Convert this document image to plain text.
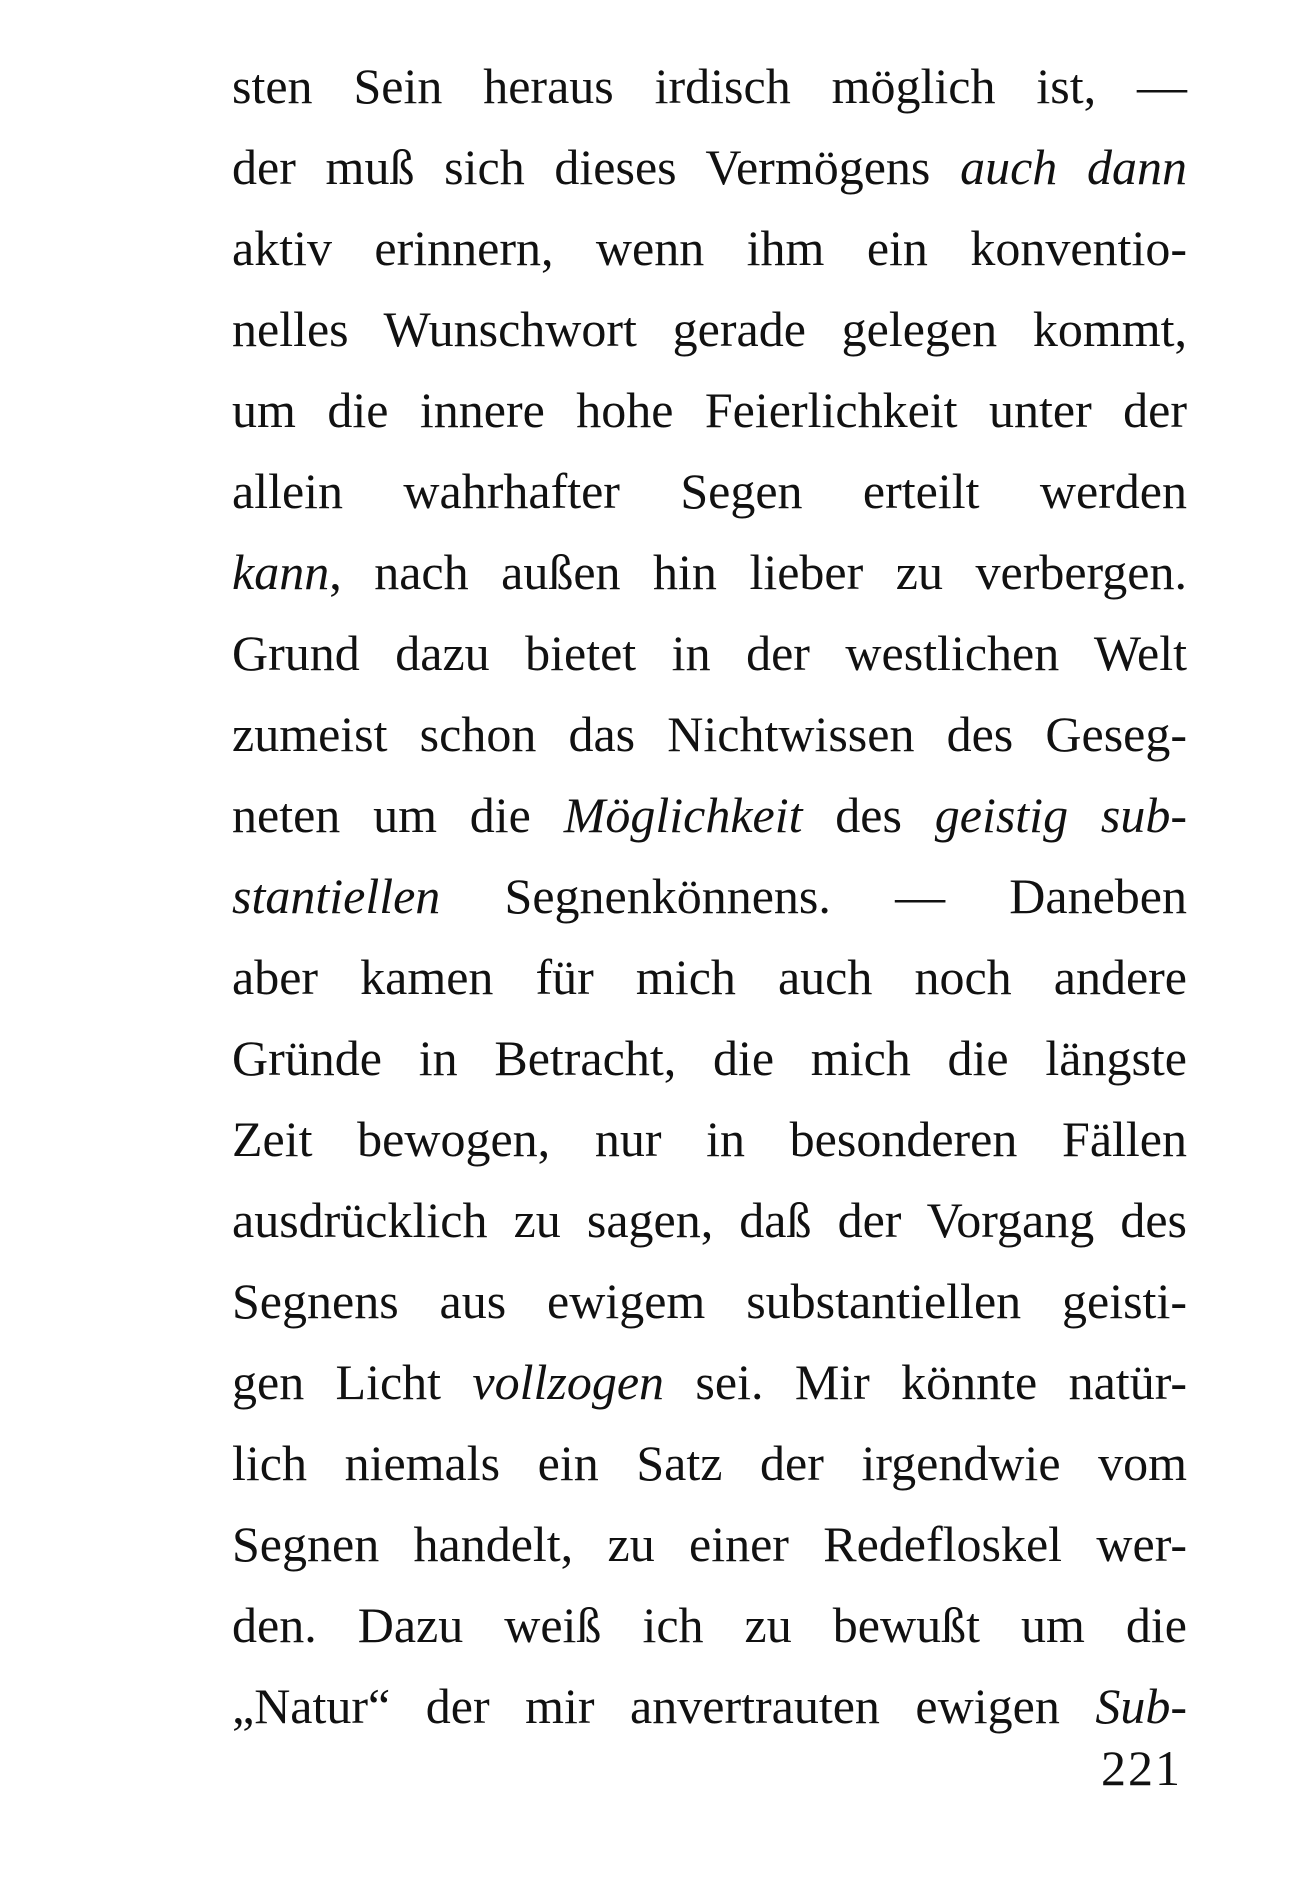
sten Sein heraus irdisch möglich ist, —
der muß sich dieses Vermögens auch dann
aktiv erinnern, wenn ihm ein konventio-
nelles Wunschwort gerade gelegen kommt,
um die innere hohe Feierlichkeit unter der
allein wahrhafter Segen erteilt werden
kann, nach außen hin lieber zu verbergen.
Grund dazu bietet in der westlichen Welt
zumeist schon das Nichtwissen des Geseg-
neten um die Möglichkeit des geistig sub-
stantiellen Segnenkönnens. — Daneben
aber kamen für mich auch noch andere
Gründe in Betracht, die mich die längste
Zeit bewogen, nur in besonderen Fällen
ausdrücklich zu sagen, daß der Vorgang des
Segnens aus ewigem substantiellen geisti-
gen Licht vollzogen sei. Mir könnte natür-
lich niemals ein Satz der irgendwie vom
Segnen handelt, zu einer Redefloskel wer-
den. Dazu weiß ich zu bewußt um die
„Natur“ der mir anvertrauten ewigen Sub-
221
